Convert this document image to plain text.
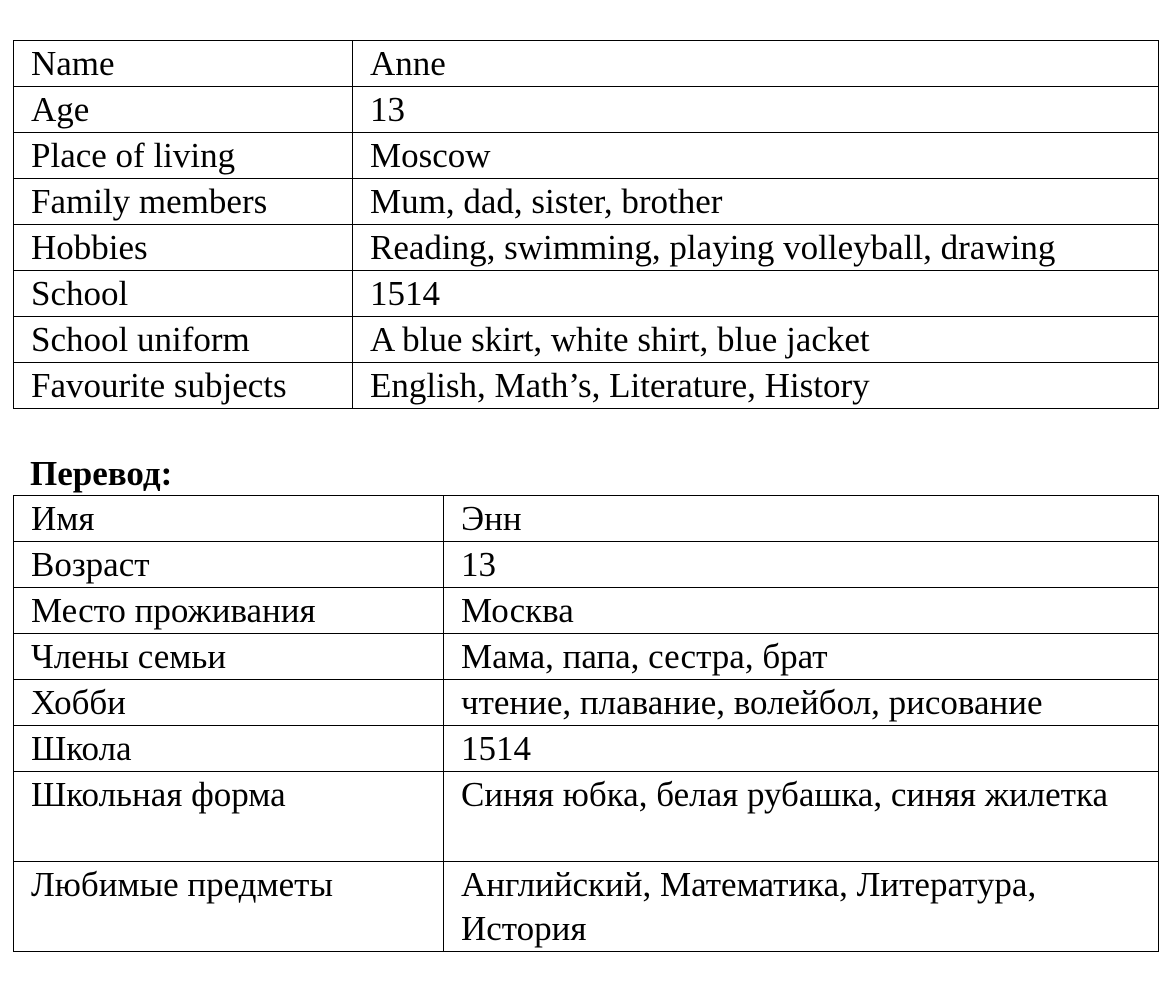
Name	Anne
Age	13
Place of living	Moscow
Family members	Mum, dad, sister, brother
Hobbies	Reading, swimming, playing volleyball, drawing
School	1514
School uniform	A blue skirt, white shirt, blue jacket
Favourite subjects	English, Math’s, Literature, History

Перевод:

Имя	Энн
Возраст	13
Место проживания	Москва
Члены семьи	Мама, папа, сестра, брат
Хобби	чтение, плавание, волейбол, рисование
Школа	1514
Школьная форма	Синяя юбка, белая рубашка, синяя жилетка
Любимые предметы	Английский, Математика, Литература, История
